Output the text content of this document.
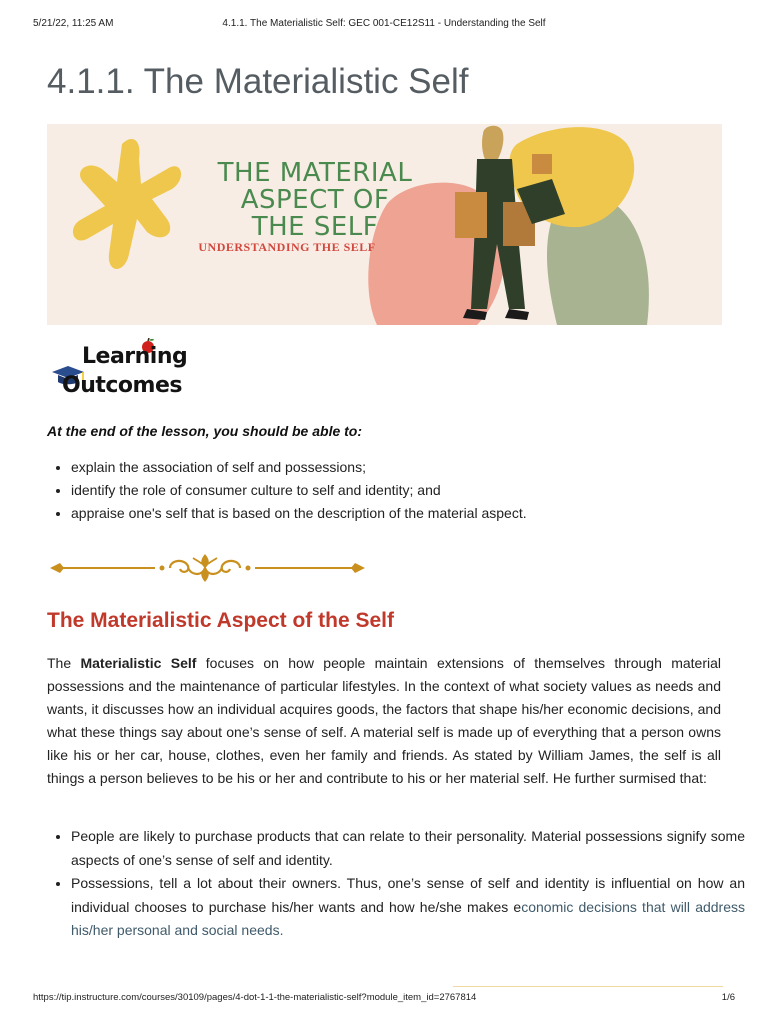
5/21/22, 11:25 AM	4.1.1. The Materialistic Self: GEC 001-CE12S11 - Understanding the Self
4.1.1. The Materialistic Self
THE MATERIAL
ASPECT OF
THE SELF
UNDERSTANDING THE SELF
Learning
Outcomes

At the end of the lesson, you should be able to:

• explain the association of self and possessions;
• identify the role of consumer culture to self and identity; and
• appraise one's self that is based on the description of the material aspect.
The Materialistic Aspect of the Self

The Materialistic Self focuses on how people maintain extensions of themselves through material possessions and the maintenance of particular lifestyles. In the context of what society values as needs and wants, it discusses how an individual acquires goods, the factors that shape his/her economic decisions, and what these things say about one’s sense of self. A material self is made up of everything that a person owns like his or her car, house, clothes, even her family and friends. As stated by William James, the self is all things a person believes to be his or her and contribute to his or her material self. He further surmised that:

• People are likely to purchase products that can relate to their personality. Material possessions signify some aspects of one’s sense of self and identity.
• Possessions, tell a lot about their owners. Thus, one’s sense of self and identity is influential on how an individual chooses to purchase his/her wants and how he/she makes economic decisions that will address his/her personal and social needs.
https://tip.instructure.com/courses/30109/pages/4-dot-1-1-the-materialistic-self?module_item_id=2767814	1/6
